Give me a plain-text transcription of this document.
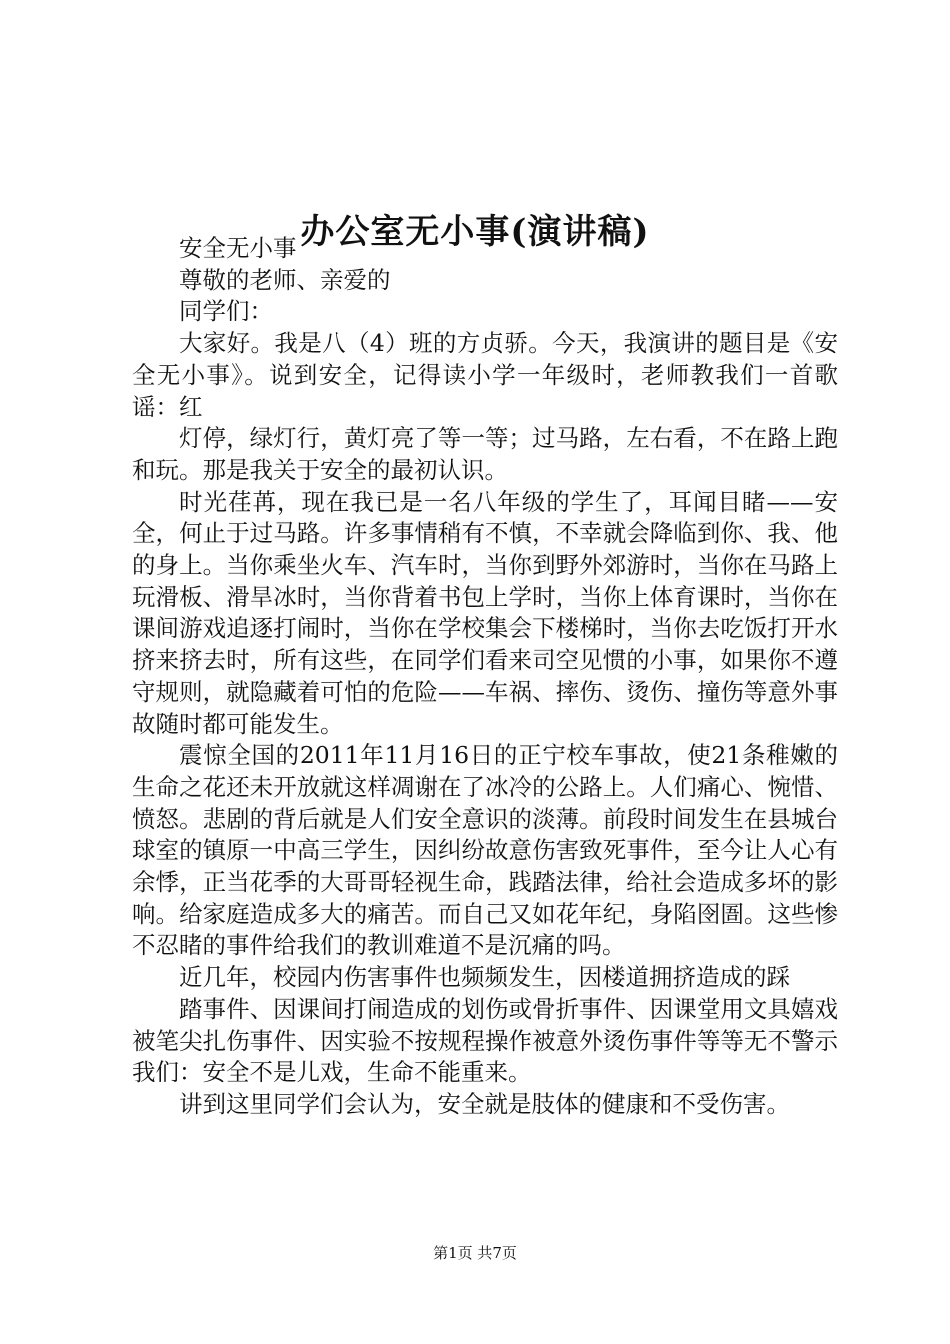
办公室无小事(演讲稿)

安全无小事

尊敬的老师、亲爱的

同学们：

大家好。我是八（4）班的方贞骄。今天，我演讲的题目是《安全无小事》。说到安全，记得读小学一年级时，老师教我们一首歌谣：红

灯停，绿灯行，黄灯亮了等一等；过马路，左右看，不在路上跑和玩。那是我关于安全的最初认识。

时光荏苒，现在我已是一名八年级的学生了，耳闻目睹——安全，何止于过马路。许多事情稍有不慎，不幸就会降临到你、我、他的身上。当你乘坐火车、汽车时，当你到野外郊游时，当你在马路上玩滑板、滑旱冰时，当你背着书包上学时，当你上体育课时，当你在课间游戏追逐打闹时，当你在学校集会下楼梯时，当你去吃饭打开水挤来挤去时，所有这些，在同学们看来司空见惯的小事，如果你不遵守规则，就隐藏着可怕的危险——车祸、摔伤、烫伤、撞伤等意外事故随时都可能发生。

震惊全国的2011年11月16日的正宁校车事故，使21条稚嫩的生命之花还未开放就这样凋谢在了冰冷的公路上。人们痛心、惋惜、愤怒。悲剧的背后就是人们安全意识的淡薄。前段时间发生在县城台球室的镇原一中高三学生，因纠纷故意伤害致死事件，至今让人心有余悸，正当花季的大哥哥轻视生命，践踏法律，给社会造成多坏的影响。给家庭造成多大的痛苦。而自己又如花年纪，身陷囹圄。这些惨不忍睹的事件给我们的教训难道不是沉痛的吗。

近几年，校园内伤害事件也频频发生，因楼道拥挤造成的踩

踏事件、因课间打闹造成的划伤或骨折事件、因课堂用文具嬉戏被笔尖扎伤事件、因实验不按规程操作被意外烫伤事件等等无不警示我们：安全不是儿戏，生命不能重来。

讲到这里同学们会认为，安全就是肢体的健康和不受伤害。

第1页 共7页
